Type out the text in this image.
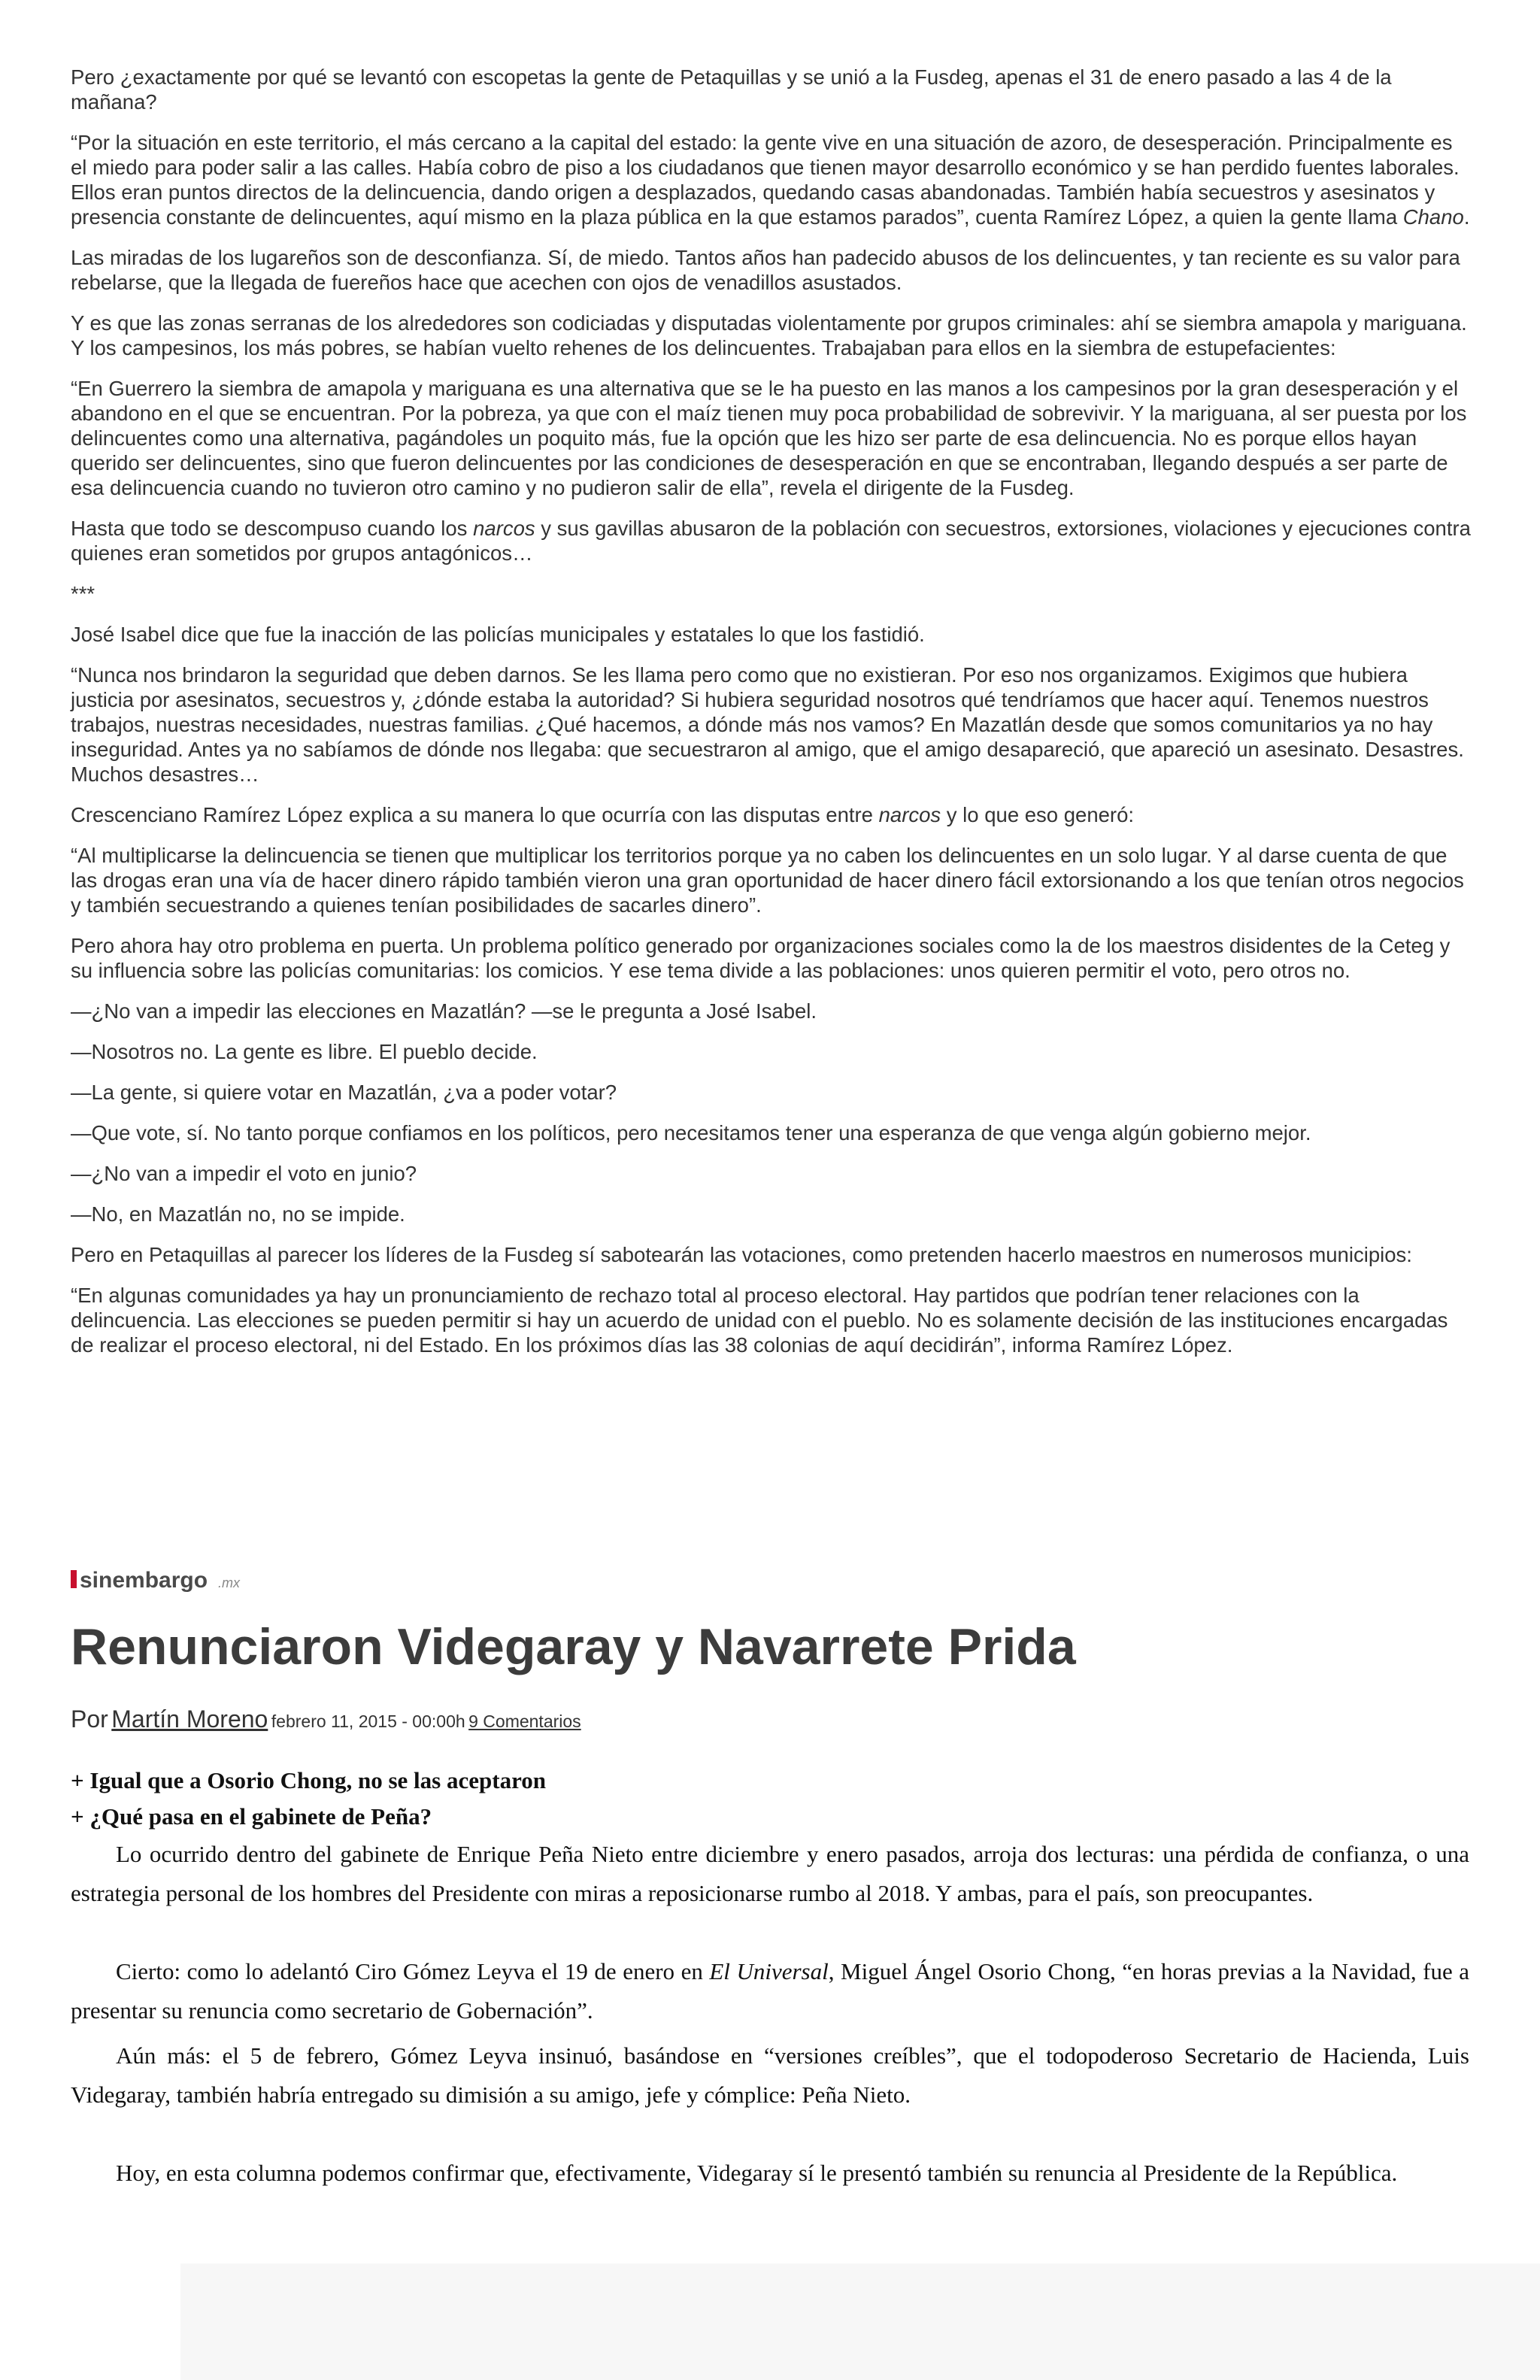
Pero ¿exactamente por qué se levantó con escopetas la gente de Petaquillas y se unió a la Fusdeg, apenas el 31 de enero pasado a las 4 de la mañana?

“Por la situación en este territorio, el más cercano a la capital del estado: la gente vive en una situación de azoro, de desesperación. Principalmente es el miedo para poder salir a las calles. Había cobro de piso a los ciudadanos que tienen mayor desarrollo económico y se han perdido fuentes laborales. Ellos eran puntos directos de la delincuencia, dando origen a desplazados, quedando casas abandonadas. También había secuestros y asesinatos y presencia constante de delincuentes, aquí mismo en la plaza pública en la que estamos parados”, cuenta Ramírez López, a quien la gente llama Chano.

Las miradas de los lugareños son de desconfianza. Sí, de miedo. Tantos años han padecido abusos de los delincuentes, y tan reciente es su valor para rebelarse, que la llegada de fuereños hace que acechen con ojos de venadillos asustados.

Y es que las zonas serranas de los alrededores son codiciadas y disputadas violentamente por grupos criminales: ahí se siembra amapola y mariguana. Y los campesinos, los más pobres, se habían vuelto rehenes de los delincuentes. Trabajaban para ellos en la siembra de estupefacientes:

“En Guerrero la siembra de amapola y mariguana es una alternativa que se le ha puesto en las manos a los campesinos por la gran desesperación y el abandono en el que se encuentran. Por la pobreza, ya que con el maíz tienen muy poca probabilidad de sobrevivir. Y la mariguana, al ser puesta por los delincuentes como una alternativa, pagándoles un poquito más, fue la opción que les hizo ser parte de esa delincuencia. No es porque ellos hayan querido ser delincuentes, sino que fueron delincuentes por las condiciones de desesperación en que se encontraban, llegando después a ser parte de esa delincuencia cuando no tuvieron otro camino y no pudieron salir de ella”, revela el dirigente de la Fusdeg.

Hasta que todo se descompuso cuando los narcos y sus gavillas abusaron de la población con secuestros, extorsiones, violaciones y ejecuciones contra quienes eran sometidos por grupos antagónicos…

***

José Isabel dice que fue la inacción de las policías municipales y estatales lo que los fastidió.

“Nunca nos brindaron la seguridad que deben darnos. Se les llama pero como que no existieran. Por eso nos organizamos. Exigimos que hubiera justicia por asesinatos, secuestros y, ¿dónde estaba la autoridad? Si hubiera seguridad nosotros qué tendríamos que hacer aquí. Tenemos nuestros trabajos, nuestras necesidades, nuestras familias. ¿Qué hacemos, a dónde más nos vamos? En Mazatlán desde que somos comunitarios ya no hay inseguridad. Antes ya no sabíamos de dónde nos llegaba: que secuestraron al amigo, que el amigo desapareció, que apareció un asesinato. Desastres. Muchos desastres…

Crescenciano Ramírez López explica a su manera lo que ocurría con las disputas entre narcos y lo que eso generó:

“Al multiplicarse la delincuencia se tienen que multiplicar los territorios porque ya no caben los delincuentes en un solo lugar. Y al darse cuenta de que las drogas eran una vía de hacer dinero rápido también vieron una gran oportunidad de hacer dinero fácil extorsionando a los que tenían otros negocios y también secuestrando a quienes tenían posibilidades de sacarles dinero”.

Pero ahora hay otro problema en puerta. Un problema político generado por organizaciones sociales como la de los maestros disidentes de la Ceteg y su influencia sobre las policías comunitarias: los comicios. Y ese tema divide a las poblaciones: unos quieren permitir el voto, pero otros no.

—¿No van a impedir las elecciones en Mazatlán? —se le pregunta a José Isabel.

—Nosotros no. La gente es libre. El pueblo decide.

—La gente, si quiere votar en Mazatlán, ¿va a poder votar?

—Que vote, sí. No tanto porque confiamos en los políticos, pero necesitamos tener una esperanza de que venga algún gobierno mejor.

—¿No van a impedir el voto en junio?

—No, en Mazatlán no, no se impide.

Pero en Petaquillas al parecer los líderes de la Fusdeg sí sabotearán las votaciones, como pretenden hacerlo maestros en numerosos municipios:

“En algunas comunidades ya hay un pronunciamiento de rechazo total al proceso electoral. Hay partidos que podrían tener relaciones con la delincuencia. Las elecciones se pueden permitir si hay un acuerdo de unidad con el pueblo. No es solamente decisión de las instituciones encargadas de realizar el proceso electoral, ni del Estado. En los próximos días las 38 colonias de aquí decidirán”, informa Ramírez López.

sinembargo .mx
Renunciaron Videgaray y Navarrete Prida
Por Martín Moreno febrero 11, 2015 - 00:00h 9 Comentarios

+ Igual que a Osorio Chong, no se las aceptaron

+ ¿Qué pasa en el gabinete de Peña?

Lo ocurrido dentro del gabinete de Enrique Peña Nieto entre diciembre y enero pasados, arroja dos lecturas: una pérdida de confianza, o una estrategia personal de los hombres del Presidente con miras a reposicionarse rumbo al 2018. Y ambas, para el país, son preocupantes.

Cierto: como lo adelantó Ciro Gómez Leyva el 19 de enero en El Universal, Miguel Ángel Osorio Chong, “en horas previas a la Navidad, fue a presentar su renuncia como secretario de Gobernación”.

Aún más: el 5 de febrero, Gómez Leyva insinuó, basándose en “versiones creíbles”, que el todopoderoso Secretario de Hacienda, Luis Videgaray, también habría entregado su dimisión a su amigo, jefe y cómplice: Peña Nieto.

Hoy, en esta columna podemos confirmar que, efectivamente, Videgaray sí le presentó también su renuncia al Presidente de la República.
